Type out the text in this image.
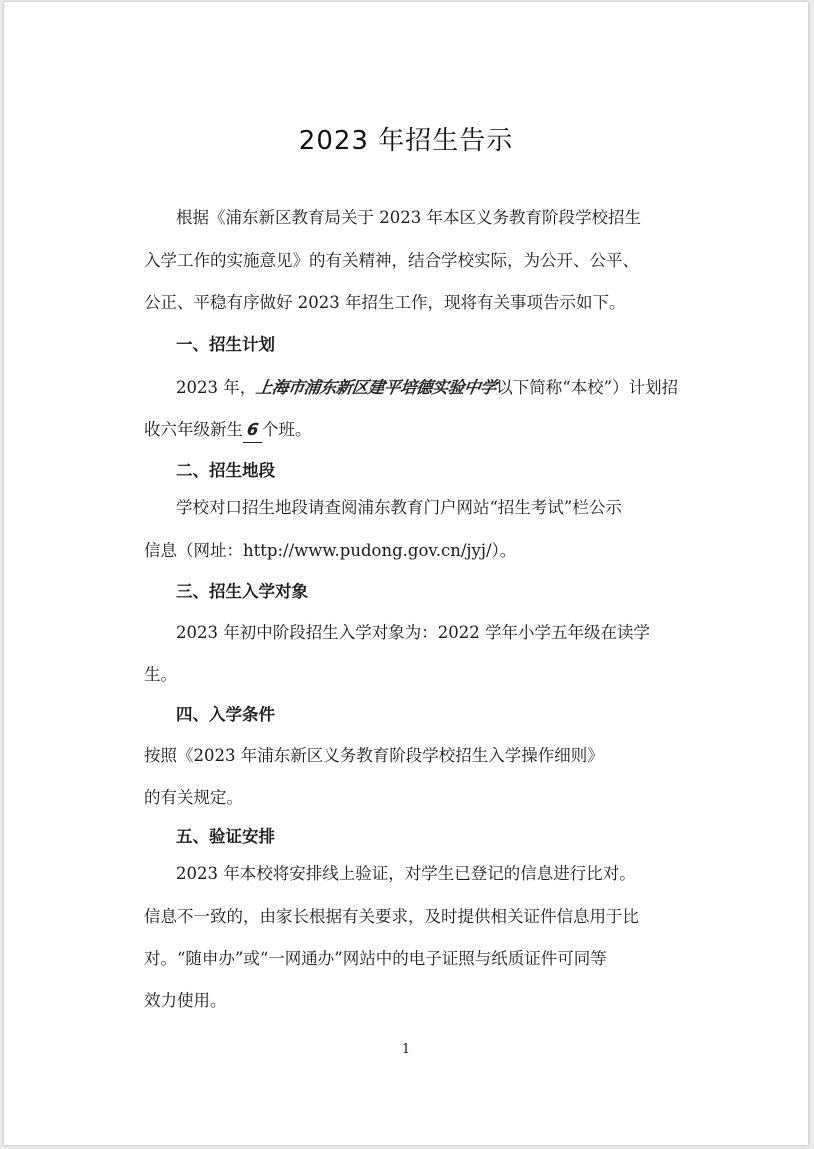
2023 年招生告示
根据《浦东新区教育局关于 2023 年本区义务教育阶段学校招生
入学工作的实施意见》的有关精神，结合学校实际，为公开、公平、
公正、平稳有序做好 2023 年招生工作，现将有关事项告示如下。
一、招生计划
2023 年，上海市浦东新区建平培德实验中学以下简称“本校”）计划招
收六年级新生 6 个班。
二、招生地段
学校对口招生地段请查阅浦东教育门户网站“招生考试”栏公示
信息（网址：http://www.pudong.gov.cn/jyj/）。
三、招生入学对象
2023 年初中阶段招生入学对象为：2022 学年小学五年级在读学
生。
四、入学条件
按照《2023 年浦东新区义务教育阶段学校招生入学操作细则》
的有关规定。
五、验证安排
2023 年本校将安排线上验证，对学生已登记的信息进行比对。
信息不一致的，由家长根据有关要求，及时提供相关证件信息用于比
对。“随申办”或“一网通办”网站中的电子证照与纸质证件可同等
效力使用。
1
